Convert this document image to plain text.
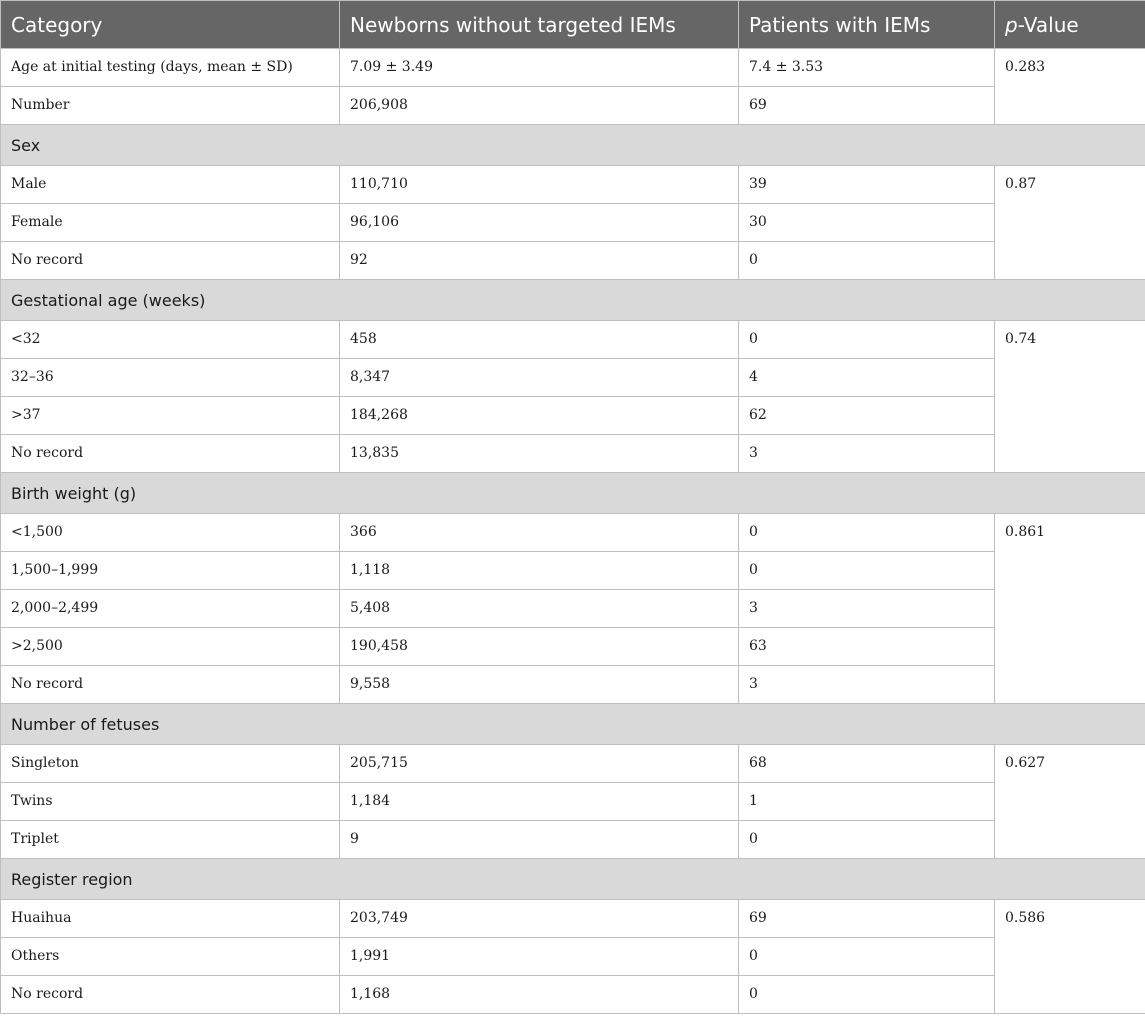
Category	Newborns without targeted IEMs	Patients with IEMs	p-Value
Age at initial testing (days, mean ± SD)	7.09 ± 3.49	7.4 ± 3.53	0.283
Number	206,908	69	
Sex			
Male	110,710	39	0.87
Female	96,106	30	
No record	92	0	
Gestational age (weeks)			
<32	458	0	0.74
32–36	8,347	4	
>37	184,268	62	
No record	13,835	3	
Birth weight (g)			
<1,500	366	0	0.861
1,500–1,999	1,118	0	
2,000–2,499	5,408	3	
>2,500	190,458	63	
No record	9,558	3	
Number of fetuses			
Singleton	205,715	68	0.627
Twins	1,184	1	
Triplet	9	0	
Register region			
Huaihua	203,749	69	0.586
Others	1,991	0	
No record	1,168	0	
